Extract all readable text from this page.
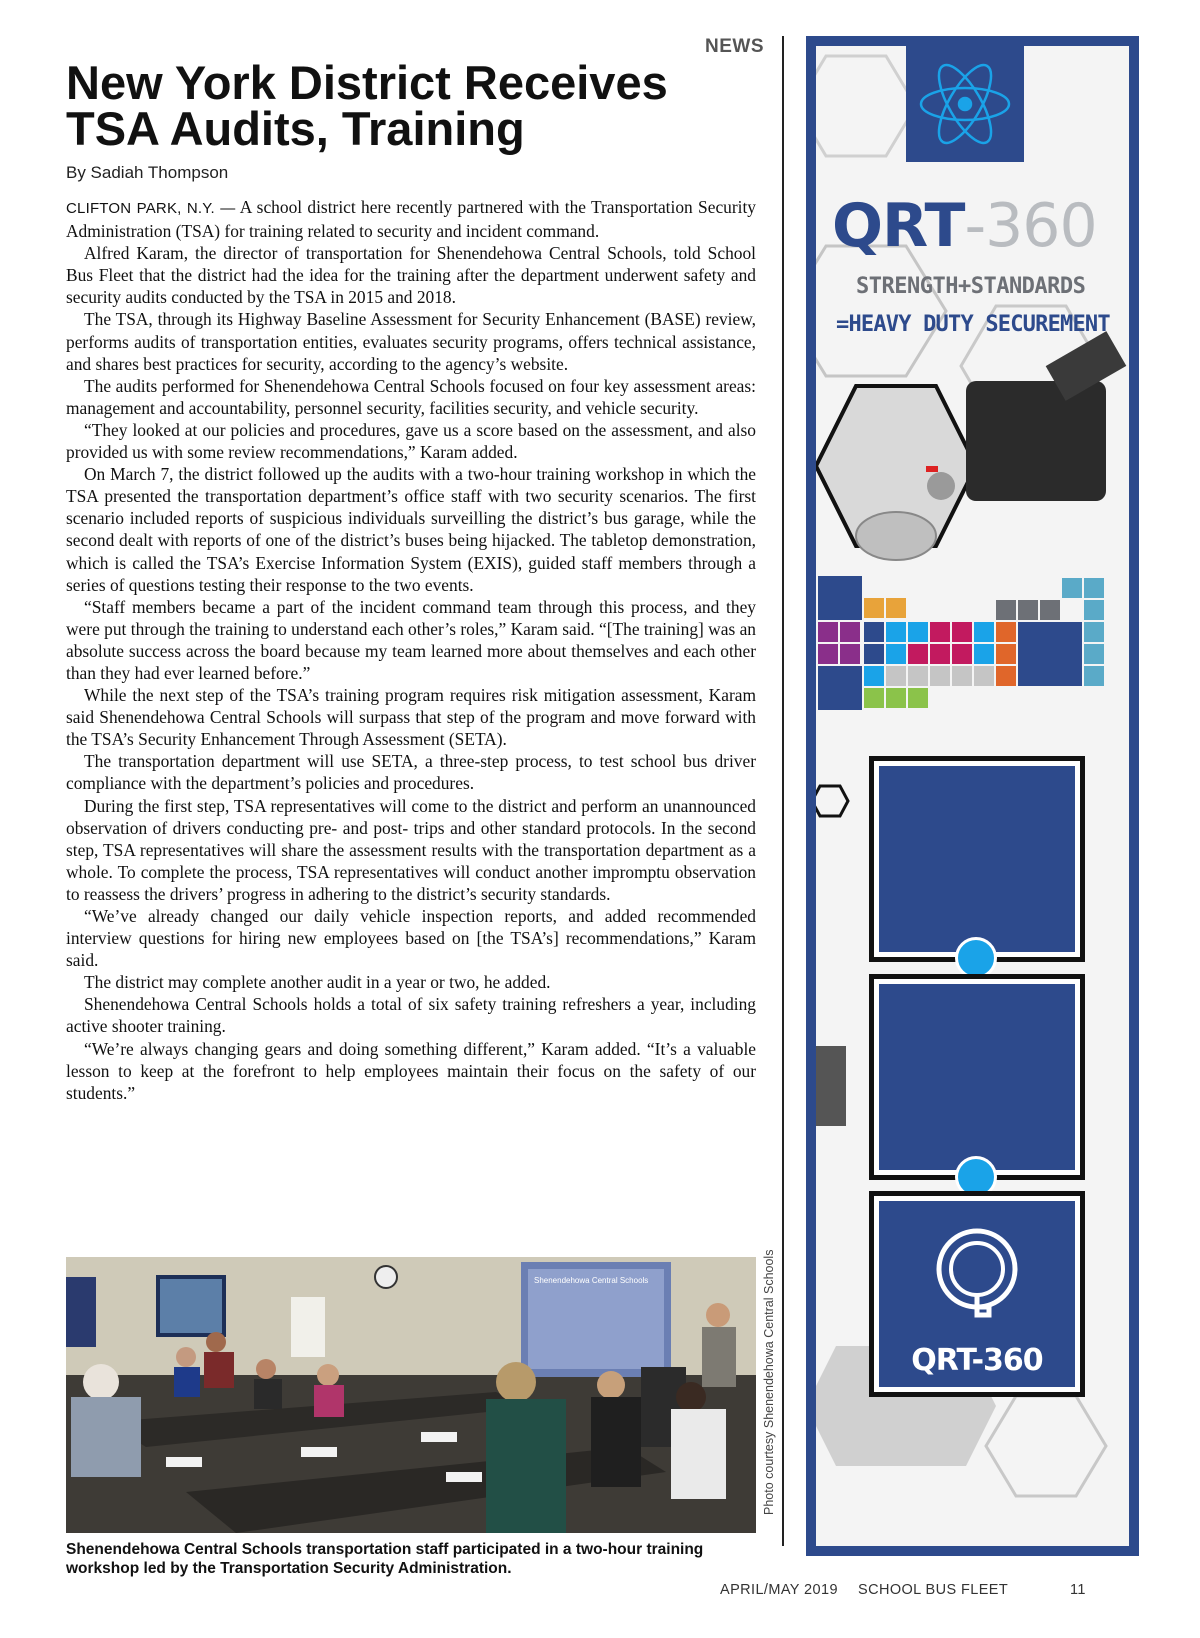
NEWS
New York District Receives TSA Audits, Training
By Sadiah Thompson

CLIFTON PARK, N.Y. — A school district here recently partnered with the Transportation Security Administration (TSA) for training related to security and incident command.

Alfred Karam, the director of transportation for Shenendehowa Central Schools, told School Bus Fleet that the district had the idea for the training after the department underwent safety and security audits conducted by the TSA in 2015 and 2018.

The TSA, through its Highway Baseline Assessment for Security Enhancement (BASE) review, performs audits of transportation entities, evaluates security programs, offers technical assistance, and shares best practices for security, according to the agency’s website.

The audits performed for Shenendehowa Central Schools focused on four key assessment areas: management and accountability, personnel security, facilities security, and vehicle security.

“They looked at our policies and procedures, gave us a score based on the assessment, and also provided us with some review recommendations,” Karam added.

On March 7, the district followed up the audits with a two-hour training workshop in which the TSA presented the transportation department’s office staff with two security scenarios. The first scenario included reports of suspicious individuals surveilling the district’s bus garage, while the second dealt with reports of one of the district’s buses being hijacked. The tabletop demonstration, which is called the TSA’s Exercise Information System (EXIS), guided staff members through a series of questions testing their response to the two events.

“Staff members became a part of the incident command team through this process, and they were put through the training to understand each other’s roles,” Karam said. “[The training] was an absolute success across the board because my team learned more about themselves and each other than they had ever learned before.”

While the next step of the TSA’s training program requires risk mitigation assessment, Karam said Shenendehowa Central Schools will surpass that step of the program and move forward with the TSA’s Security Enhancement Through Assessment (SETA).

The transportation department will use SETA, a three-step process, to test school bus driver compliance with the department’s policies and procedures.

During the first step, TSA representatives will come to the district and perform an unannounced observation of drivers conducting pre- and post- trips and other standard protocols. In the second step, TSA representatives will share the assessment results with the transportation department as a whole. To complete the process, TSA representatives will conduct another impromptu observation to reassess the drivers’ progress in adhering to the district’s security standards.

“We’ve already changed our daily vehicle inspection reports, and added recommended interview questions for hiring new employees based on [the TSA’s] recommendations,” Karam said.

The district may complete another audit in a year or two, he added.

Shenendehowa Central Schools holds a total of six safety training refreshers a year, including active shooter training.

“We’re always changing gears and doing something different,” Karam added. “It’s a valuable lesson to keep at the forefront to help employees maintain their focus on the safety of our students.”

Shenendehowa Central Schools	Photo courtesy Shenendehowa Central Schools
Shenendehowa Central Schools transportation staff participated in a two-hour training workshop led by the Transportation Security Administration.
QRT-360
STRENGTH+STANDARDS
=HEAVY DUTY SECUREMENT
QRT-360
APRIL/MAY 2019 SCHOOL BUS FLEET	11
